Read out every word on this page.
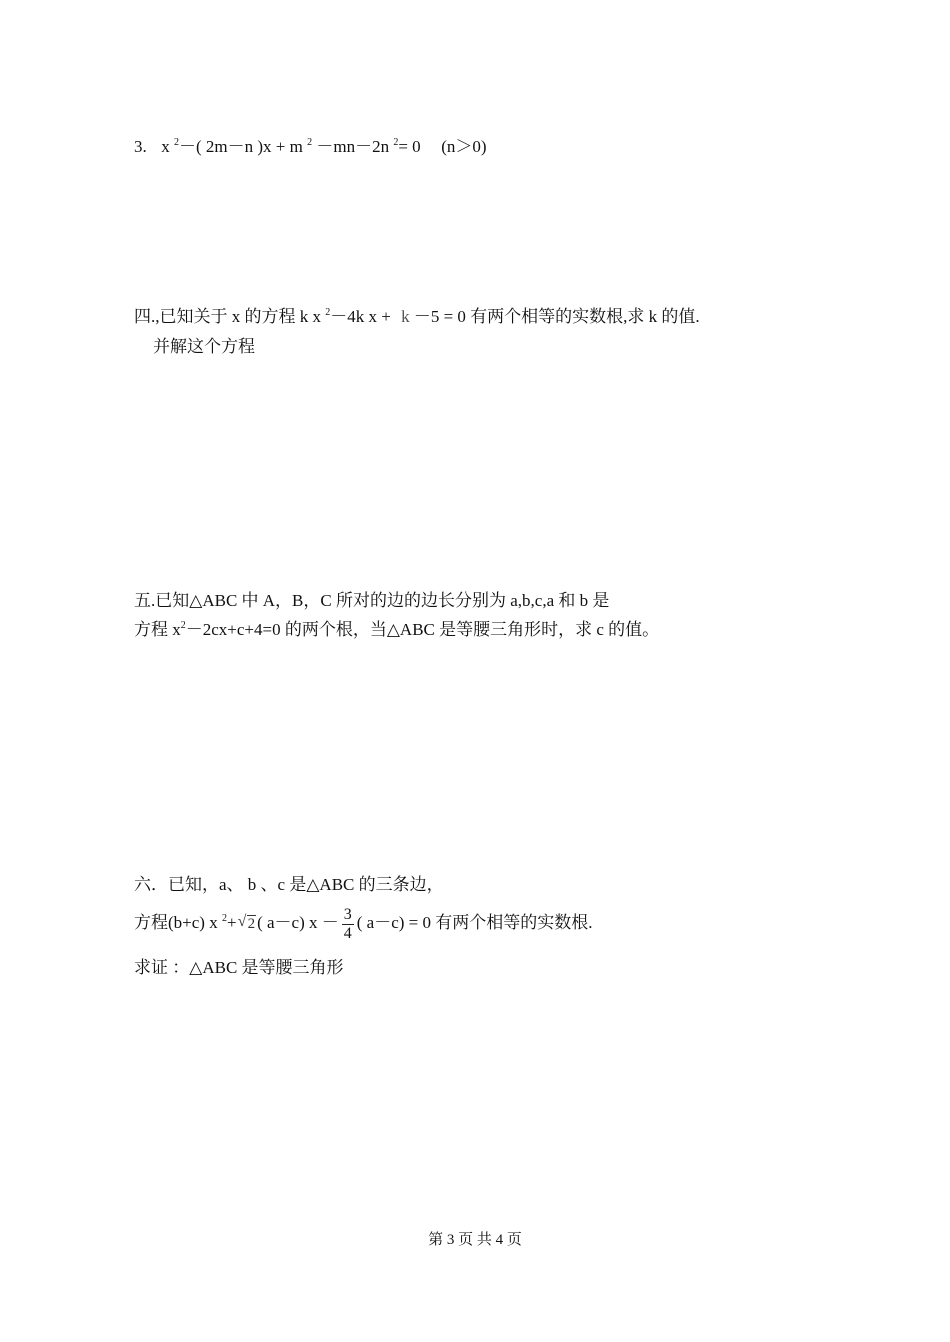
3. x $^2$－( 2m－n )x + m $^2$ －mn－2n $^2$= 0 (n＞0)
四.,已知关于 x 的方程 k x $^2$－4k x + k －5 = 0 有两个相等的实数根,求 k 的值.
并解这个方程
五.已知△ABC 中 A，B，C 所对的边的边长分别为 a,b,c,a 和 b 是
方程 $x^2-2cx+c+4=0$ 的两个根，当△ABC 是等腰三角形时，求 c 的值。
六．已知，a、 b 、c 是△ABC 的三条边，
方程(b+c) x $^2$+ √ 2 ( a－c) $x - \frac{3}{4}$ ( a－c) = 0 有两个相等的实数根.
求证 ：△ABC 是等腰三角形
第 3 页 共 4 页
